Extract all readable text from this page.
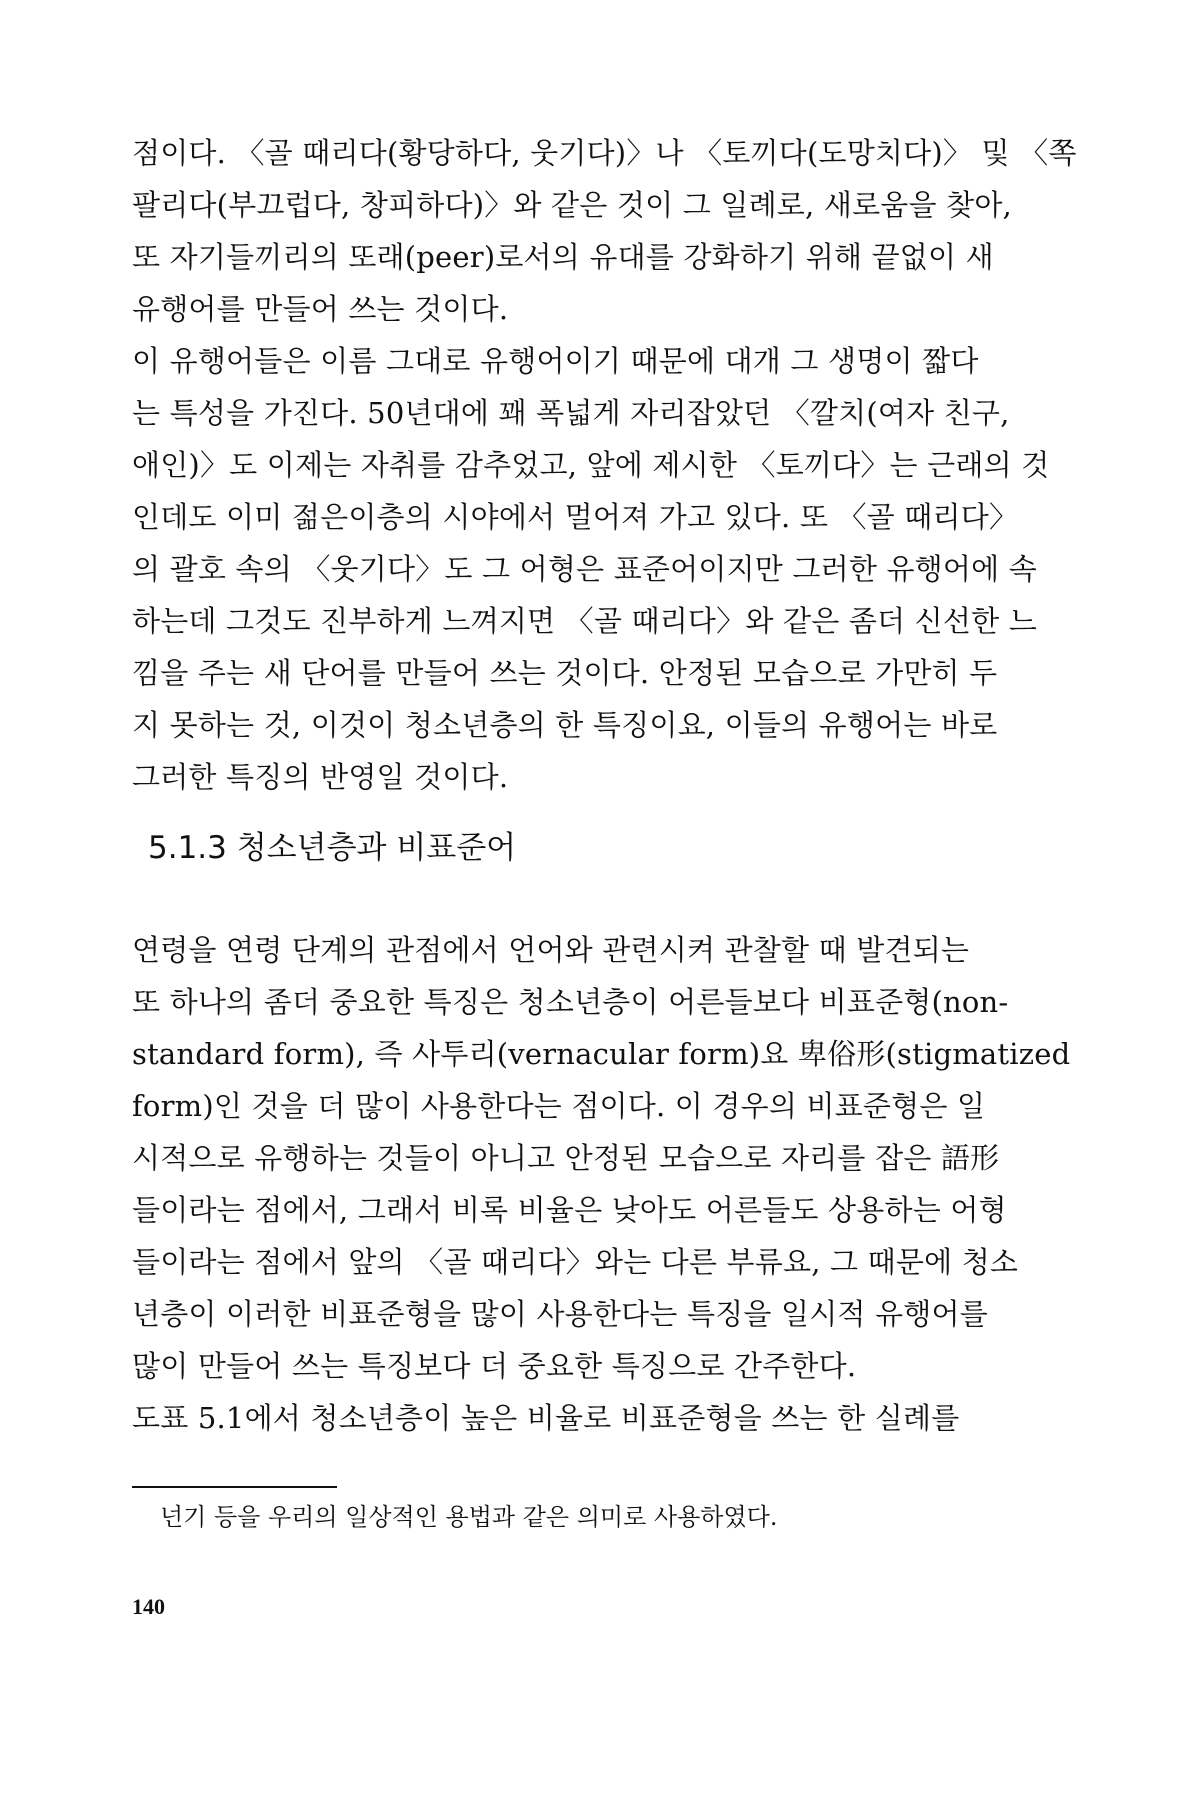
점이다. 〈골 때리다(황당하다, 웃기다)〉나 〈토끼다(도망치다)〉 및 〈쪽
팔리다(부끄럽다, 창피하다)〉와 같은 것이 그 일례로, 새로움을 찾아,
또 자기들끼리의 또래(peer)로서의 유대를 강화하기 위해 끝없이 새
유행어를 만들어 쓰는 것이다.
이 유행어들은 이름 그대로 유행어이기 때문에 대개 그 생명이 짧다
는 특성을 가진다. 50년대에 꽤 폭넓게 자리잡았던 〈깔치(여자 친구,
애인)〉도 이제는 자취를 감추었고, 앞에 제시한 〈토끼다〉는 근래의 것
인데도 이미 젊은이층의 시야에서 멀어져 가고 있다. 또 〈골 때리다〉
의 괄호 속의 〈웃기다〉도 그 어형은 표준어이지만 그러한 유행어에 속
하는데 그것도 진부하게 느껴지면 〈골 때리다〉와 같은 좀더 신선한 느
낌을 주는 새 단어를 만들어 쓰는 것이다. 안정된 모습으로 가만히 두
지 못하는 것, 이것이 청소년층의 한 특징이요, 이들의 유행어는 바로
그러한 특징의 반영일 것이다.
5.1.3 청소년층과 비표준어
연령을 연령 단계의 관점에서 언어와 관련시켜 관찰할 때 발견되는
또 하나의 좀더 중요한 특징은 청소년층이 어른들보다 비표준형(non-
standard form), 즉 사투리(vernacular form)요 卑俗形(stigmatized
form)인 것을 더 많이 사용한다는 점이다. 이 경우의 비표준형은 일
시적으로 유행하는 것들이 아니고 안정된 모습으로 자리를 잡은 語形
들이라는 점에서, 그래서 비록 비율은 낮아도 어른들도 상용하는 어형
들이라는 점에서 앞의 〈골 때리다〉와는 다른 부류요, 그 때문에 청소
년층이 이러한 비표준형을 많이 사용한다는 특징을 일시적 유행어를
많이 만들어 쓰는 특징보다 더 중요한 특징으로 간주한다.
도표 5.1에서 청소년층이 높은 비율로 비표준형을 쓰는 한 실례를
넌기 등을 우리의 일상적인 용법과 같은 의미로 사용하였다.
140
